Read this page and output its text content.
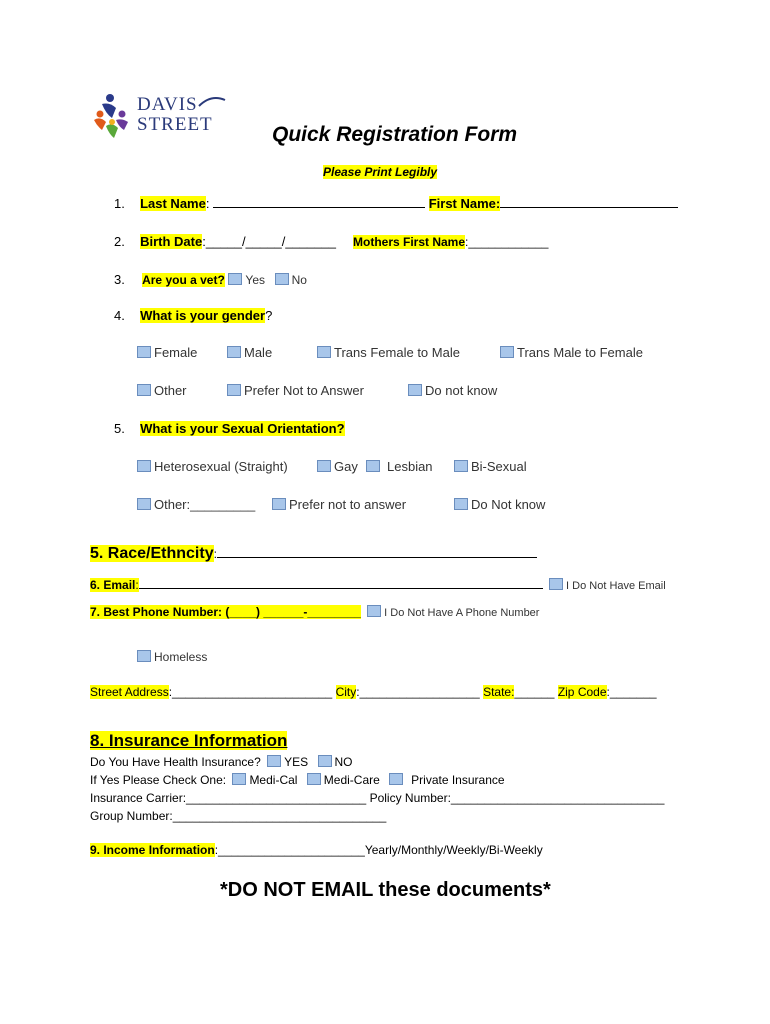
DAVIS
STREET	Quick Registration Form
Please Print Legibly
1. Last Name:	First Name:
2. Birth Date:_____/_____/_______ Mothers First Name:____________
3. Are you a vet? Yes No
4. What is your gender?
Female	Male	Trans Female to Male	Trans Male to Female
Other	Prefer Not to Answer	Do not know
5. What is your Sexual Orientation?
Heterosexual (Straight)	Gay	Lesbian	Bi-Sexual
Other:_________	Prefer not to answer	Do Not know
5. Race/Ethncity:
6. Email:	I Do Not Have Email
7. Best Phone Number: (____) ______-________ I Do Not Have A Phone Number
Homeless
Street Address:________________________ City:__________________ State:______ Zip Code:_______
8. Insurance Information
Do You Have Health Insurance? YES NO
If Yes Please Check One: Medi-Cal Medi-Care	Private Insurance
Insurance Carrier:___________________________ Policy Number:________________________________
Group Number:________________________________
9. Income Information:______________________Yearly/Monthly/Weekly/Bi-Weekly
*DO NOT EMAIL these documents*
